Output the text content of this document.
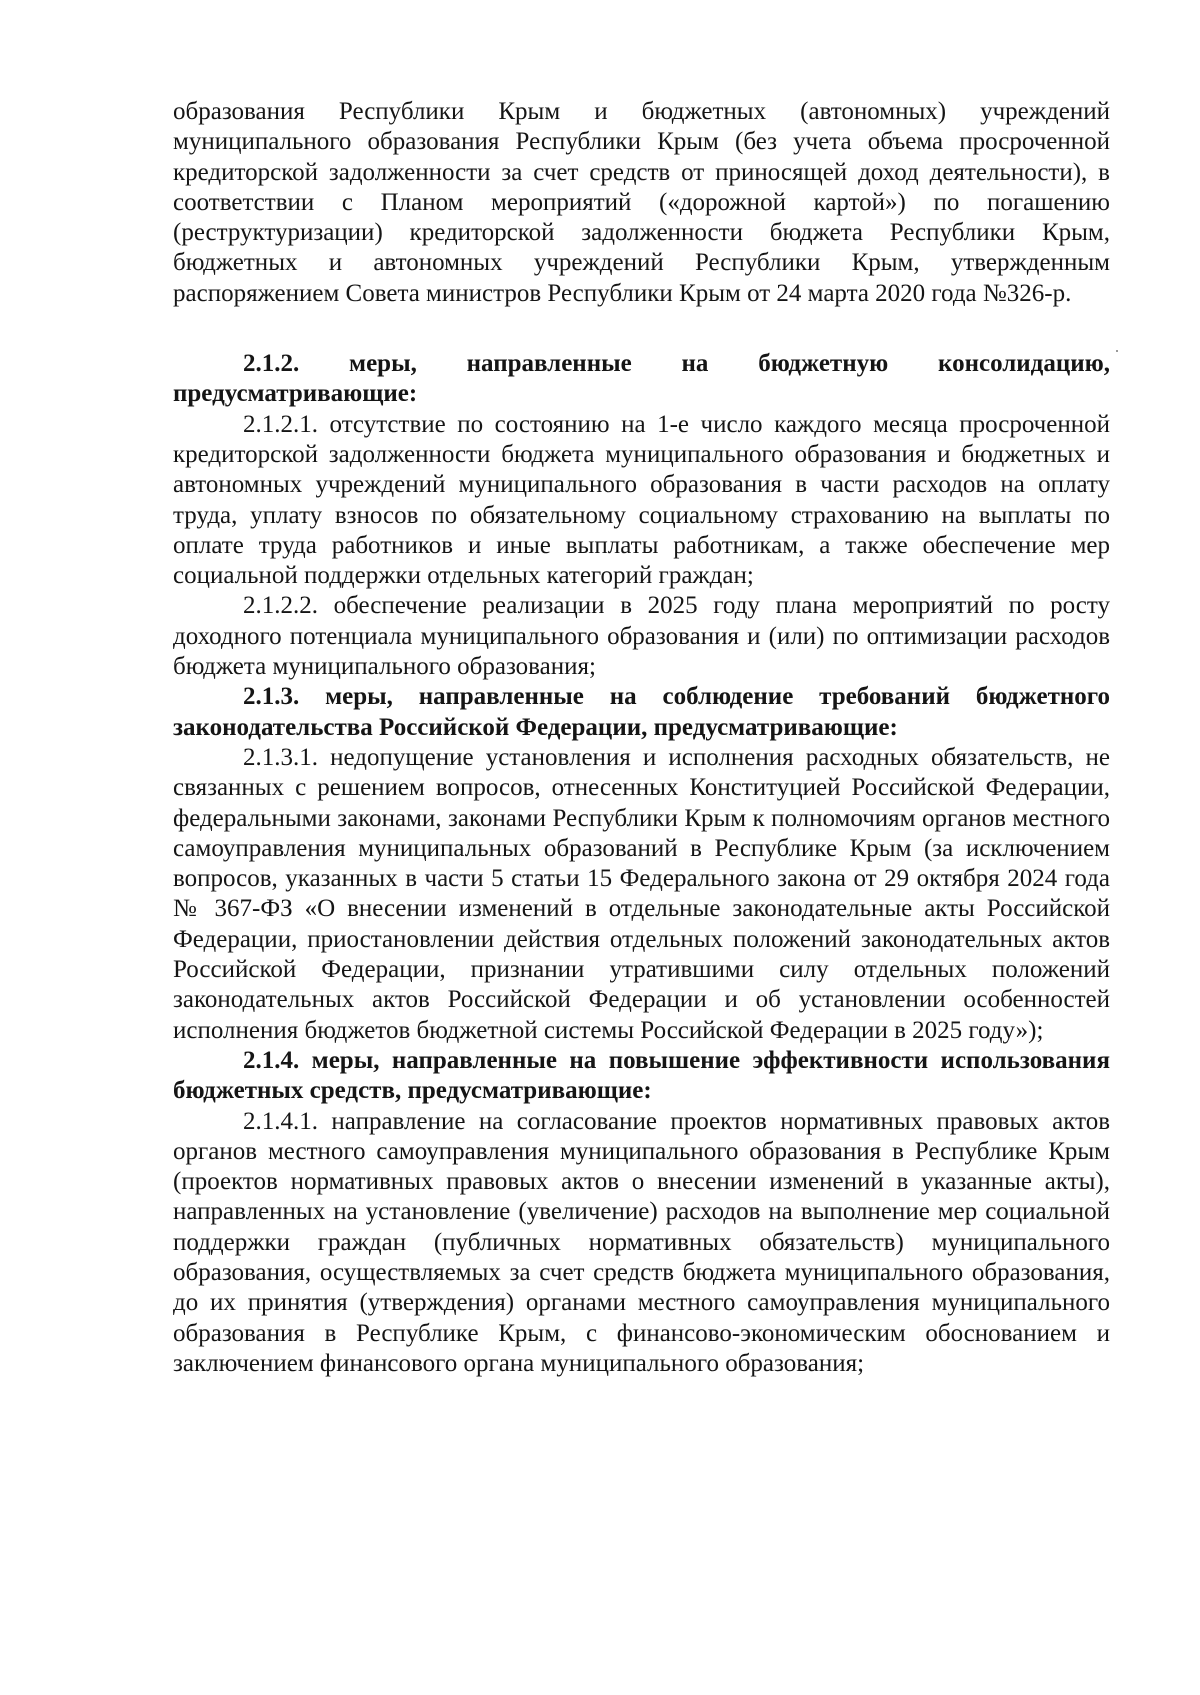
образования Республики Крым и бюджетных (автономных) учреждений муниципального образования Республики Крым (без учета объема просроченной кредиторской задолженности за счет средств от приносящей доход деятельности), в соответствии с Планом мероприятий («дорожной картой») по погашению (реструктуризации) кредиторской задолженности бюджета Республики Крым, бюджетных и автономных учреждений Республики Крым, утвержденным распоряжением Совета министров Республики Крым от 24 марта 2020 года №326-р.

2.1.2. меры, направленные на бюджетную консолидацию, предусматривающие:

2.1.2.1. отсутствие по состоянию на 1-е число каждого месяца просроченной кредиторской задолженности бюджета муниципального образования и бюджетных и автономных учреждений муниципального образования в части расходов на оплату труда, уплату взносов по обязательному социальному страхованию на выплаты по оплате труда работников и иные выплаты работникам, а также обеспечение мер социальной поддержки отдельных категорий граждан;

2.1.2.2. обеспечение реализации в 2025 году плана мероприятий по росту доходного потенциала муниципального образования и (или) по оптимизации расходов бюджета муниципального образования;

2.1.3. меры, направленные на соблюдение требований бюджетного законодательства Российской Федерации, предусматривающие:

2.1.3.1. недопущение установления и исполнения расходных обязательств, не связанных с решением вопросов, отнесенных Конституцией Российской Федерации, федеральными законами, законами Республики Крым к полномочиям органов местного самоуправления муниципальных образований в Республике Крым (за исключением вопросов, указанных в части 5 статьи 15 Федерального закона от 29 октября 2024 года № 367-ФЗ «О внесении изменений в отдельные законодательные акты Российской Федерации, приостановлении действия отдельных положений законодательных актов Российской Федерации, признании утратившими силу отдельных положений законодательных актов Российской Федерации и об установлении особенностей исполнения бюджетов бюджетной системы Российской Федерации в 2025 году»);

2.1.4. меры, направленные на повышение эффективности использования бюджетных средств, предусматривающие:

2.1.4.1. направление на согласование проектов нормативных правовых актов органов местного самоуправления муниципального образования в Республике Крым (проектов нормативных правовых актов о внесении изменений в указанные акты), направленных на установление (увеличение) расходов на выполнение мер социальной поддержки граждан (публичных нормативных обязательств) муниципального образования, осуществляемых за счет средств бюджета муниципального образования, до их принятия (утверждения) органами местного самоуправления муниципального образования в Республике Крым, с финансово-экономическим обоснованием и заключением финансового органа муниципального образования;
